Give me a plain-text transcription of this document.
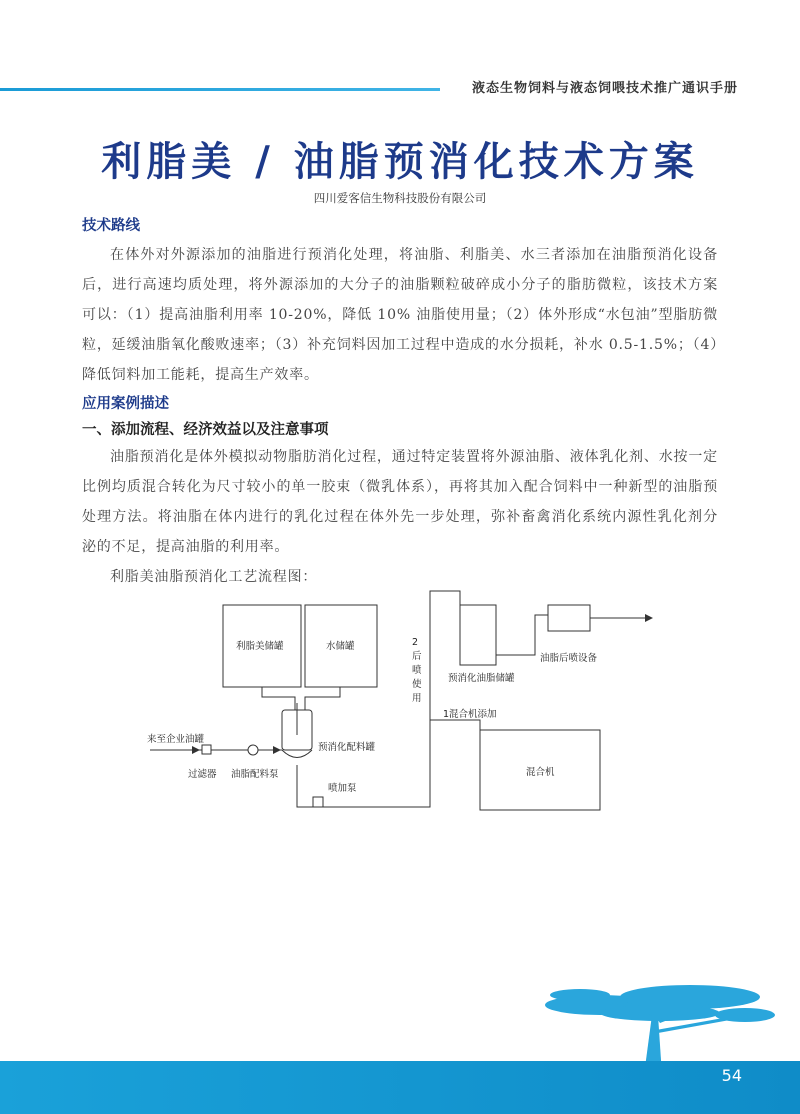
液态生物饲料与液态饲喂技术推广通识手册
利脂美 / 油脂预消化技术方案
四川爱客信生物科技股份有限公司
技术路线

在体外对外源添加的油脂进行预消化处理，将油脂、利脂美、水三者添加在油脂预消化设备后，进行高速均质处理，将外源添加的大分子的油脂颗粒破碎成小分子的脂肪微粒，该技术方案可以：（1）提高油脂利用率 10-20%，降低 10% 油脂使用量；（2）体外形成“水包油”型脂肪微粒，延缓油脂氧化酸败速率；（3）补充饲料因加工过程中造成的水分损耗，补水 0.5-1.5%；（4）降低饲料加工能耗，提高生产效率。

应用案例描述
一、添加流程、经济效益以及注意事项

油脂预消化是体外模拟动物脂肪消化过程，通过特定装置将外源油脂、液体乳化剂、水按一定比例均质混合转化为尺寸较小的单一胶束（微乳体系），再将其加入配合饲料中一种新型的油脂预处理方法。将油脂在体内进行的乳化过程在体外先一步处理，弥补畜禽消化系统内源性乳化剂分泌的不足，提高油脂的利用率。

利脂美油脂预消化工艺流程图：

利脂美储罐	水储罐
来至企业油罐
过滤器 油脂配料泵
预消化配料罐
喷加泵
预消化油脂储罐
油脂后喷设备
1混合机添加
混合机
2
后
喷
使
用
54
